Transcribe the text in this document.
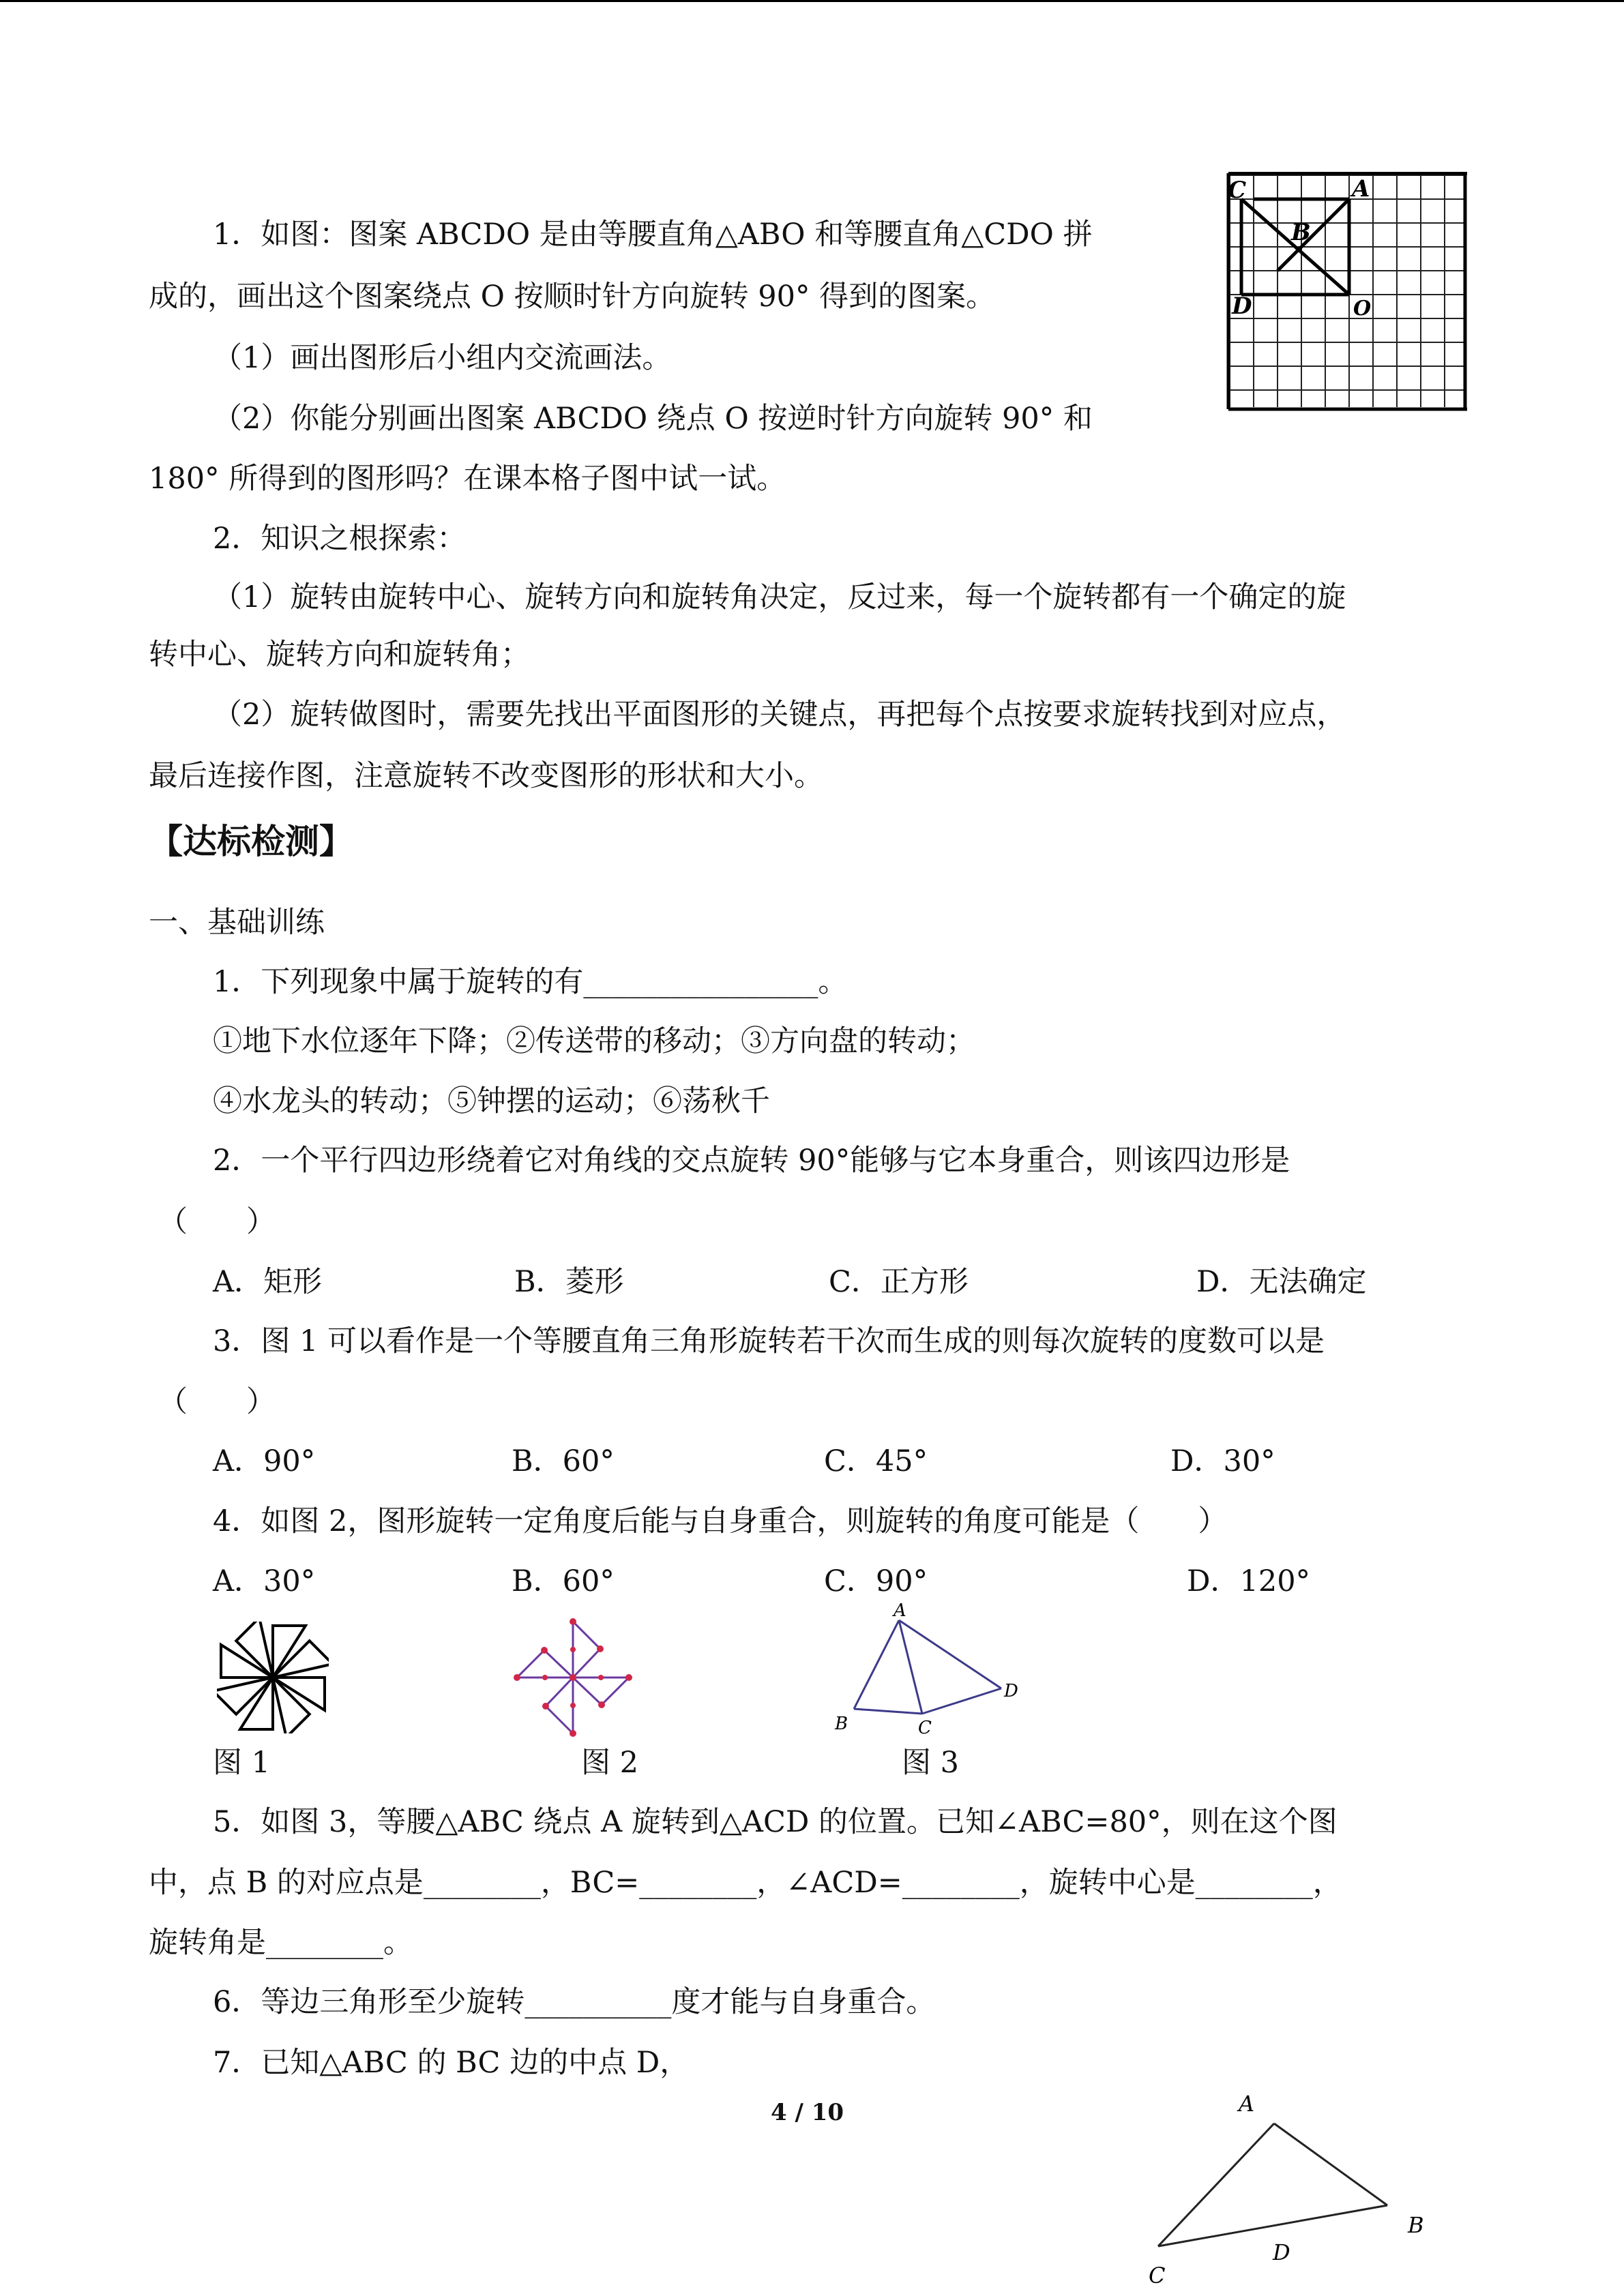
1．如图：图案 ABCDO 是由等腰直角△ABO 和等腰直角△CDO 拼
成的，画出这个图案绕点 O 按顺时针方向旋转 90° 得到的图案。
（1）画出图形后小组内交流画法。
（2）你能分别画出图案 ABCDO 绕点 O 按逆时针方向旋转 90° 和
180° 所得到的图形吗？在课本格子图中试一试。
C	A
B
D	O
2．知识之根探索：
（1）旋转由旋转中心、旋转方向和旋转角决定，反过来，每一个旋转都有一个确定的旋
转中心、旋转方向和旋转角；
（2）旋转做图时，需要先找出平面图形的关键点，再把每个点按要求旋转找到对应点，
最后连接作图，注意旋转不改变图形的形状和大小。
【达标检测】
一、基础训练
1．下列现象中属于旋转的有________________。
①地下水位逐年下降；②传送带的移动；③方向盘的转动；
④水龙头的转动；⑤钟摆的运动；⑥荡秋千
2．一个平行四边形绕着它对角线的交点旋转 90°能够与它本身重合，则该四边形是
（　　）
A．矩形	B．菱形	C．正方形	D．无法确定
3．图 1 可以看作是一个等腰直角三角形旋转若干次而生成的则每次旋转的度数可以是
（　　）
A．90°	B．60°	C．45°	D．30°
4．如图 2，图形旋转一定角度后能与自身重合，则旋转的角度可能是（　　）
A．30°	B．60°	C．90°	D．120°
A
B	C
D
图 1	图 2	图 3
5．如图 3，等腰△ABC 绕点 A 旋转到△ACD 的位置。已知∠ABC=80°，则在这个图
中，点 B 的对应点是________，BC=________，∠ACD=________，旋转中心是________，
旋转角是________。
6．等边三角形至少旋转__________度才能与自身重合。
7．已知△ABC 的 BC 边的中点 D，
4 / 10	A
B
C
D
